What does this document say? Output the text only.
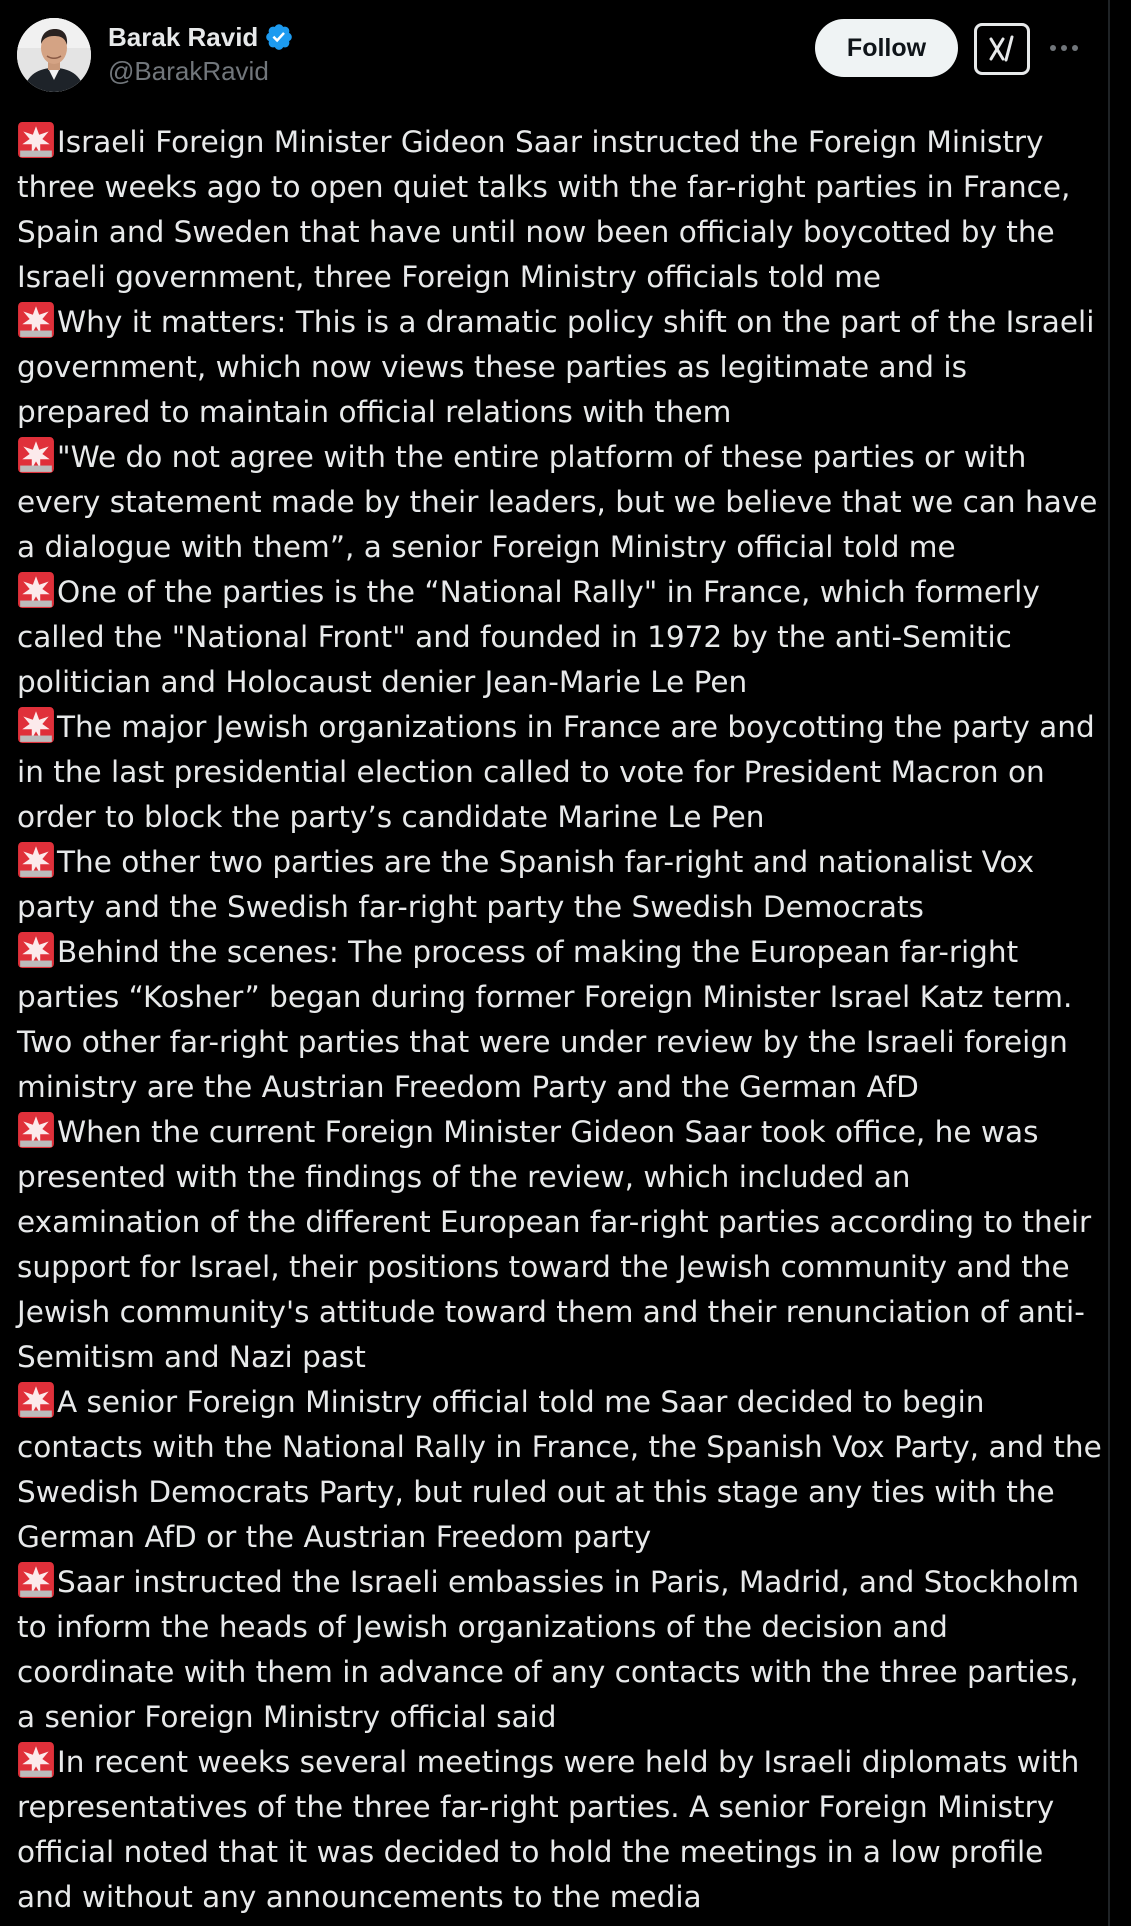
Barak Ravid
@BarakRavid
Follow

Israeli Foreign Minister Gideon Saar instructed the Foreign Ministry three weeks ago to open quiet talks with the far-right parties in France, Spain and Sweden that have until now been officialy boycotted by the Israeli government, three Foreign Ministry officials told me

Why it matters: This is a dramatic policy shift on the part of the Israeli government, which now views these parties as legitimate and is prepared to maintain official relations with them

"We do not agree with the entire platform of these parties or with every statement made by their leaders, but we believe that we can have a dialogue with them”, a senior Foreign Ministry official told me

One of the parties is the “National Rally" in France, which formerly called the "National Front" and founded in 1972 by the anti-Semitic politician and Holocaust denier Jean-Marie Le Pen

The major Jewish organizations in France are boycotting the party and in the last presidential election called to vote for President Macron on order to block the party’s candidate Marine Le Pen

The other two parties are the Spanish far-right and nationalist Vox party and the Swedish far-right party the Swedish Democrats

Behind the scenes: The process of making the European far-right parties “Kosher” began during former Foreign Minister Israel Katz term. Two other far-right parties that were under review by the Israeli foreign ministry are the Austrian Freedom Party and the German AfD

When the current Foreign Minister Gideon Saar took office, he was presented with the findings of the review, which included an examination of the different European far-right parties according to their support for Israel, their positions toward the Jewish community and the Jewish community's attitude toward them and their renunciation of anti-Semitism and Nazi past

A senior Foreign Ministry official told me Saar decided to begin contacts with the National Rally in France, the Spanish Vox Party, and the Swedish Democrats Party, but ruled out at this stage any ties with the German AfD or the Austrian Freedom party

Saar instructed the Israeli embassies in Paris, Madrid, and Stockholm to inform the heads of Jewish organizations of the decision and coordinate with them in advance of any contacts with the three parties, a senior Foreign Ministry official said

In recent weeks several meetings were held by Israeli diplomats with representatives of the three far-right parties. A senior Foreign Ministry official noted that it was decided to hold the meetings in a low profile and without any announcements to the media
